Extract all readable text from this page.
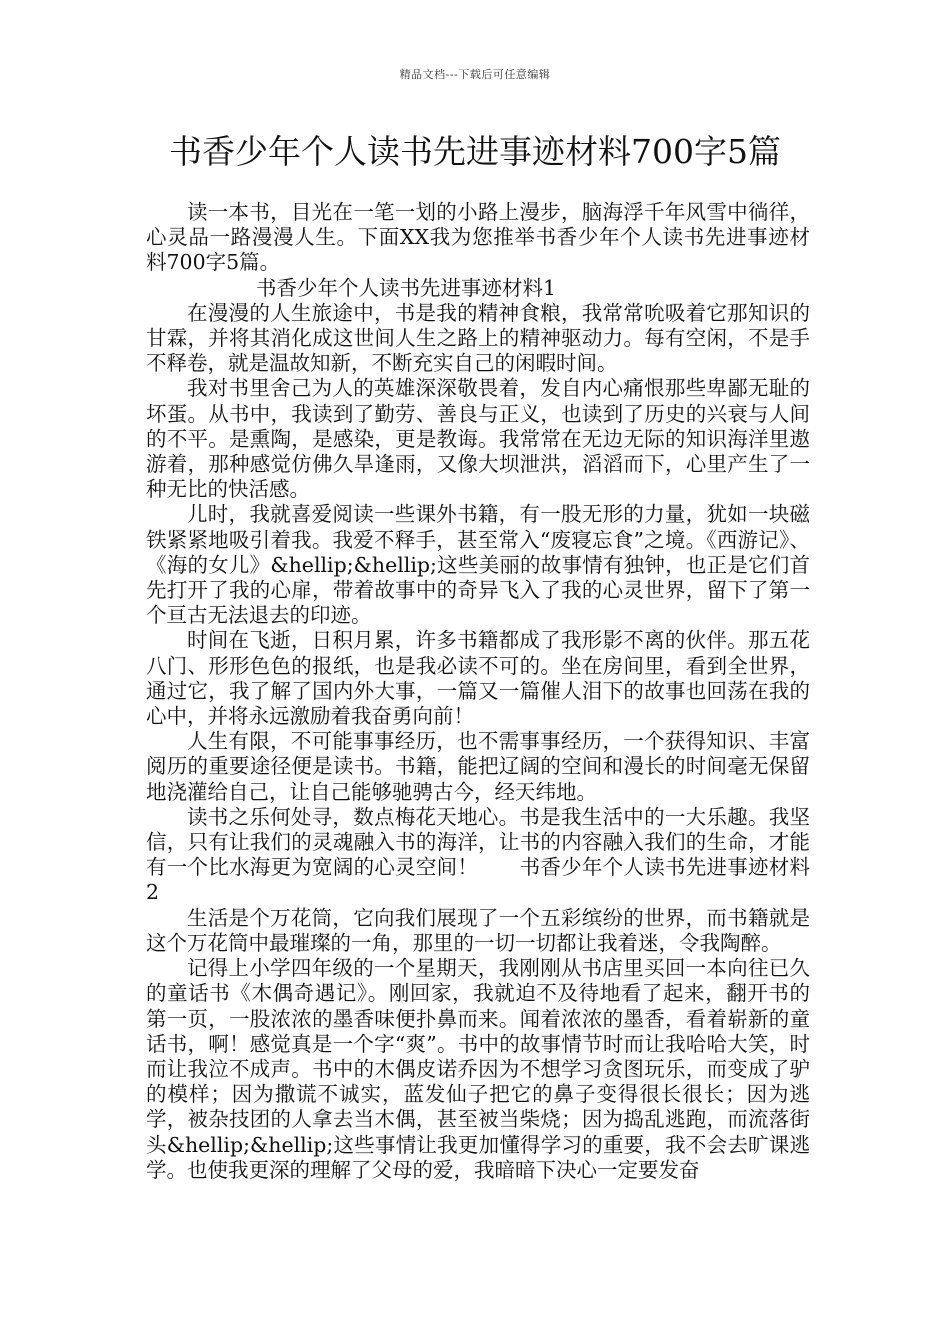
精品文档---下载后可任意编辑
书香少年个人读书先进事迹材料700字5篇

读一本书，目光在一笔一划的小路上漫步，脑海浮千年风雪中徜徉，心灵品一路漫漫人生。下面XX我为您推举书香少年个人读书先进事迹材料700字5篇。

书香少年个人读书先进事迹材料1

在漫漫的人生旅途中，书是我的精神食粮，我常常吮吸着它那知识的甘霖，并将其消化成这世间人生之路上的精神驱动力。每有空闲，不是手不释卷，就是温故知新，不断充实自己的闲暇时间。

我对书里舍己为人的英雄深深敬畏着，发自内心痛恨那些卑鄙无耻的坏蛋。从书中，我读到了勤劳、善良与正义，也读到了历史的兴衰与人间的不平。是熏陶，是感染，更是教诲。我常常在无边无际的知识海洋里遨游着，那种感觉仿佛久旱逢雨，又像大坝泄洪，滔滔而下，心里产生了一种无比的快活感。

儿时，我就喜爱阅读一些课外书籍，有一股无形的力量，犹如一块磁铁紧紧地吸引着我。我爱不释手，甚至常入“废寝忘食”之境。《西游记》、《海的女儿》&hellip;&hellip;这些美丽的故事情有独钟，也正是它们首先打开了我的心扉，带着故事中的奇异飞入了我的心灵世界，留下了第一个亘古无法退去的印迹。

时间在飞逝，日积月累，许多书籍都成了我形影不离的伙伴。那五花八门、形形色色的报纸，也是我必读不可的。坐在房间里，看到全世界，通过它，我了解了国内外大事，一篇又一篇催人泪下的故事也回荡在我的心中，并将永远激励着我奋勇向前！

人生有限，不可能事事经历，也不需事事经历，一个获得知识、丰富阅历的重要途径便是读书。书籍，能把辽阔的空间和漫长的时间毫无保留地浇灌给自己，让自己能够驰骋古今，经天纬地。

读书之乐何处寻，数点梅花天地心。书是我生活中的一大乐趣。我坚信，只有让我们的灵魂融入书的海洋，让书的内容融入我们的生命，才能有一个比水海更为宽阔的心灵空间！　　书香少年个人读书先进事迹材料2

生活是个万花筒，它向我们展现了一个五彩缤纷的世界，而书籍就是这个万花筒中最璀璨的一角，那里的一切一切都让我着迷，令我陶醉。

记得上小学四年级的一个星期天，我刚刚从书店里买回一本向往已久的童话书《木偶奇遇记》。刚回家，我就迫不及待地看了起来，翻开书的第一页，一股浓浓的墨香味便扑鼻而来。闻着浓浓的墨香，看着崭新的童话书，啊！感觉真是一个字“爽”。书中的故事情节时而让我哈哈大笑，时而让我泣不成声。书中的木偶皮诺乔因为不想学习贪图玩乐，而变成了驴的模样；因为撒谎不诚实，蓝发仙子把它的鼻子变得很长很长；因为逃学，被杂技团的人拿去当木偶，甚至被当柴烧；因为捣乱逃跑，而流落街头&hellip;&hellip;这些事情让我更加懂得学习的重要，我不会去旷课逃学。也使我更深的理解了父母的爱，我暗暗下决心一定要发奋
